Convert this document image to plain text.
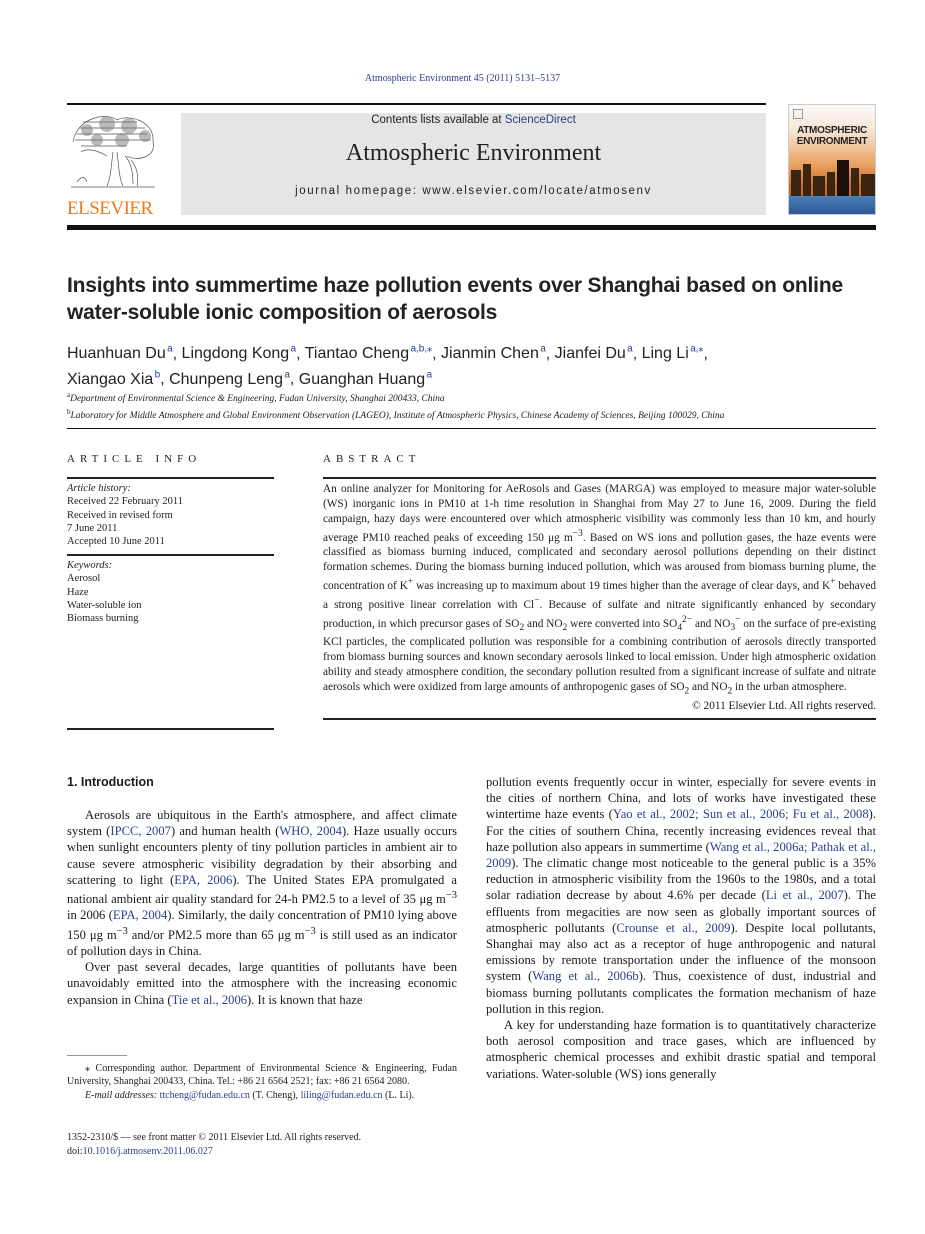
Atmospheric Environment 45 (2011) 5131–5137
ELSEVIER
Contents lists available at ScienceDirect
Atmospheric Environment
journal homepage: www.elsevier.com/locate/atmosenv
ATMOSPHERIC
ENVIRONMENT
Insights into summertime haze pollution events over Shanghai based on online water-soluble ionic composition of aerosols
Huanhuan Du $^a$, Lingdong Kong $^a$, Tiantao Cheng $^{a,b,⁎}$, Jianmin Chen $^a$, Jianfei Du $^a$, Ling Li $^{a,⁎}$,
Xiangao Xia $^b$, Chunpeng Leng $^a$, Guanghan Huang $^a$
$^a$Department of Environmental Science & Engineering, Fudan University, Shanghai 200433, China
$^b$Laboratory for Middle Atmosphere and Global Environment Observation (LAGEO), Institute of Atmospheric Physics, Chinese Academy of Sciences, Beijing 100029, China
ARTICLE INFO
Article history:
Received 22 February 2011
Received in revised form
7 June 2011
Accepted 10 June 2011
Keywords:
Aerosol
Haze
Water-soluble ion
Biomass burning
ABSTRACT

An online analyzer for Monitoring for AeRosols and Gases (MARGA) was employed to measure major water-soluble (WS) inorganic ions in PM10 at 1-h time resolution in Shanghai from May 27 to June 16, 2009. During the field campaign, hazy days were encountered over which atmospheric visibility was commonly less than 10 km, and hourly average PM10 reached peaks of exceeding 150 μg $m^{-3}$. Based on WS ions and pollution gases, the haze events were classified as biomass burning induced, complicated and secondary aerosol pollutions depending on their distinct formation schemes. During the biomass burning induced pollution, which was aroused from biomass burning plume, the concentration of K+ was increasing up to maximum about 19 times higher than the average of clear days, and K+ behaved a strong positive linear correlation with Cl−. Because of sulfate and nitrate significantly enhanced by secondary production, in which precursor gases of $SO_2$ and $NO_2$ were converted into $SO_4^{2-}$ and $NO_3^-$ on the surface of pre-existing KCl particles, the complicated pollution was responsible for a combining contribution of aerosols directly transported from biomass burning sources and known secondary aerosols linked to local emission. Under high atmospheric oxidation ability and steady atmosphere condition, the secondary pollution resulted from a significant increase of sulfate and nitrate aerosols which were oxidized from large amounts of anthropogenic gases of $SO_2$ and $NO_2$ in the urban atmosphere.

© 2011 Elsevier Ltd. All rights reserved.
1. Introduction

Aerosols are ubiquitous in the Earth's atmosphere, and affect climate system (IPCC, 2007) and human health (WHO, 2004). Haze usually occurs when sunlight encounters plenty of tiny pollution particles in ambient air to cause severe atmospheric visibility degradation by their absorbing and scattering to light (EPA, 2006). The United States EPA promulgated a national ambient air quality standard for 24-h PM2.5 to a level of 35 μg $m^{-3}$ in 2006 (EPA, 2004). Similarly, the daily concentration of PM10 lying above 150 μg $m^{-3}$ and/or PM2.5 more than 65 μg $m^{-3}$ is still used as an indicator of pollution days in China.

Over past several decades, large quantities of pollutants have been unavoidably emitted into the atmosphere with the increasing economic expansion in China (Tie et al., 2006). It is known that haze

pollution events frequently occur in winter, especially for severe events in the cities of northern China, and lots of works have investigated these wintertime haze events (Yao et al., 2002; Sun et al., 2006; Fu et al., 2008). For the cities of southern China, recently increasing evidences reveal that haze pollution also appears in summertime (Wang et al., 2006a; Pathak et al., 2009). The climatic change most noticeable to the general public is a 35% reduction in atmospheric visibility from the 1960s to the 1980s, and a total solar radiation decrease by about 4.6% per decade (Li et al., 2007). The effluents from megacities are now seen as globally important sources of atmospheric pollutants (Crounse et al., 2009). Despite local pollutants, Shanghai may also act as a receptor of huge anthropogenic and natural emissions by remote transportation under the influence of the monsoon system (Wang et al., 2006b). Thus, coexistence of dust, industrial and biomass burning pollutants complicates the formation mechanism of haze pollution in this region.

A key for understanding haze formation is to quantitatively characterize both aerosol composition and trace gases, which are influenced by atmospheric chemical processes and exhibit drastic spatial and temporal variations. Water-soluble (WS) ions generally

⁎ Corresponding author. Department of Environmental Science & Engineering, Fudan University, Shanghai 200433, China. Tel.: +86 21 6564 2521; fax: +86 21 6564 2080.

E-mail addresses: ttcheng@fudan.edu.cn (T. Cheng), liling@fudan.edu.cn (L. Li).

1352-2310/$ — see front matter © 2011 Elsevier Ltd. All rights reserved.
doi:10.1016/j.atmosenv.2011.06.027
